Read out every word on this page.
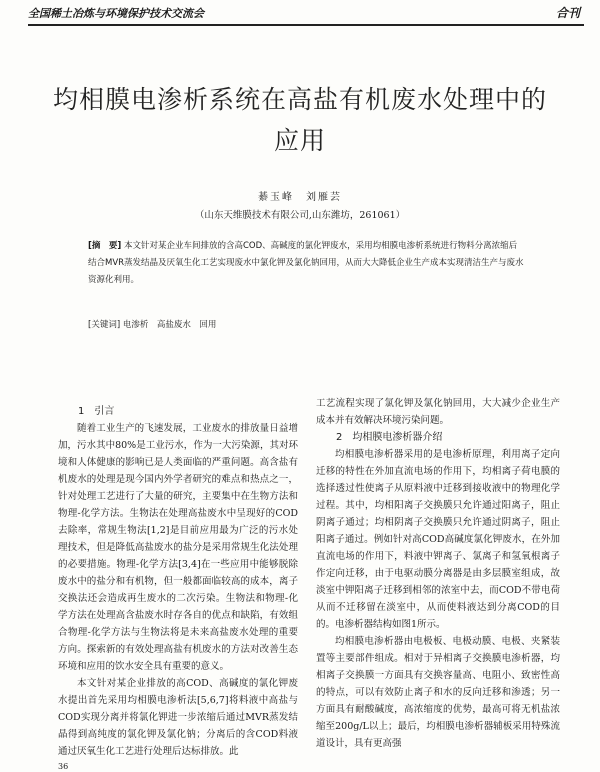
全国稀土冶炼与环境保护技术交流会	合刊
均相膜电渗析系统在高盐有机废水处理中的
应用
綦玉峰　刘雁芸
（山东天维膜技术有限公司,山东潍坊，261061）
[摘　要] 本文针对某企业车间排放的含高COD、高碱度的氯化钾废水，采用均相膜电渗析系统进行物料分离浓缩后结合MVR蒸发结晶及厌氧生化工艺实现废水中氯化钾及氯化钠回用，从而大大降低企业生产成本实现清洁生产与废水资源化利用。
[关键词] 电渗析　高盐废水　回用

1　引言

随着工业生产的飞速发展，工业废水的排放量日益增加，污水其中80%是工业污水，作为一大污染源，其对环境和人体健康的影响已是人类面临的严重问题。高含盐有机废水的处理是现今国内外学者研究的难点和热点之一，针对处理工艺进行了大量的研究，主要集中在生物方法和物理-化学方法。生物法在处理高盐废水中呈现好的COD去除率，常规生物法[1,2]是目前应用最为广泛的污水处理技术，但是降低高盐废水的盐分是采用常规生化法处理的必要措施。物理-化学方法[3,4]在一些应用中能够脱除废水中的盐分和有机物，但一般都面临较高的成本，离子交换法还会造成再生废水的二次污染。生物法和物理-化学方法在处理高含盐废水时存各自的优点和缺陷，有效组合物理-化学方法与生物法将是未来高盐废水处理的重要方向。探索新的有效处理高盐有机废水的方法对改善生态环境和应用的饮水安全具有重要的意义。

本文针对某企业排放的高COD、高碱度的氯化钾废水提出首先采用均相膜电渗析法[5,6,7]将料液中高盐与COD实现分离并将氯化钾进一步浓缩后通过MVR蒸发结晶得到高纯度的氯化钾及氯化钠；分离后的含COD料液通过厌氧生化工艺进行处理后达标排放。此

工艺流程实现了氯化钾及氯化钠回用，大大减少企业生产成本并有效解决环境污染问题。

2　均相膜电渗析器介绍

均相膜电渗析器采用的是电渗析原理，利用离子定向迁移的特性在外加直流电场的作用下，均相离子荷电膜的选择透过性使离子从原料液中迁移到接收液中的物理化学过程。其中，均相阳离子交换膜只允许通过阳离子，阻止阴离子通过；均相阴离子交换膜只允许通过阴离子，阻止阳离子通过。例如针对高COD高碱度氯化钾废水，在外加直流电场的作用下，料液中钾离子、氯离子和氢氧根离子作定向迁移，由于电驱动膜分离器是由多层膜室组成，故淡室中钾阳离子迁移到相邻的浓室中去，而COD不带电荷从而不迁移留在淡室中，从而使料液达到分离COD的目的。电渗析器结构如图1所示。

均相膜电渗析器由电极板、电极动膜、电极、夹紧装置等主要部件组成。相对于异相离子交换膜电渗析器，均相离子交换膜一方面具有交换容量高、电阻小、致密性高的特点，可以有效防止离子和水的反向迁移和渗透；另一方面具有耐酸碱度，高浓缩度的优势，最高可将无机盐浓缩至200g/L以上；最后，均相膜电渗析器辅板采用特殊流道设计，具有更高强

36
